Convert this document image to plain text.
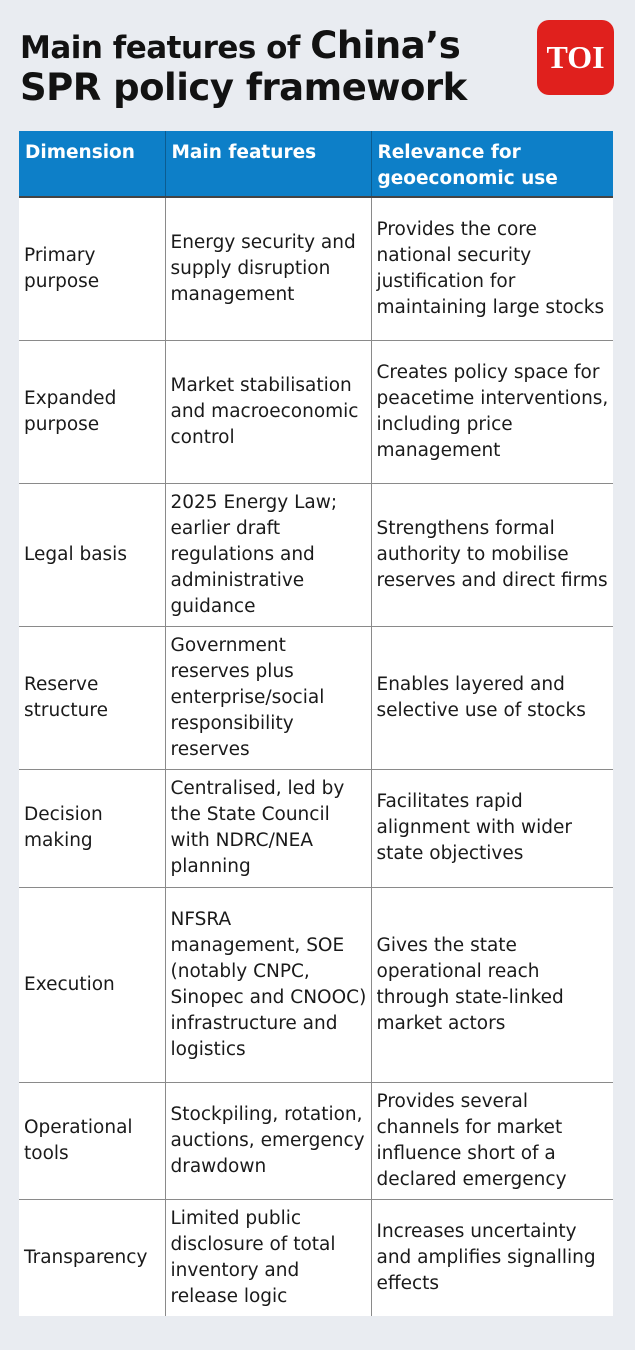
Main features of China’s
SPR policy framework
TOI
Dimension	Main features	Relevance for geoeconomic use
Primary purpose	Energy security and supply disruption management	Provides the core national security justification for maintaining large stocks
Expanded purpose	Market stabilisation and macroeconomic control	Creates policy space for peacetime interventions, including price management
Legal basis	2025 Energy Law; earlier draft regulations and administrative guidance	Strengthens formal authority to mobilise reserves and direct firms
Reserve structure	Government reserves plus enterprise/social responsibility reserves	Enables layered and selective use of stocks
Decision making	Centralised, led by the State Council with NDRC/NEA planning	Facilitates rapid alignment with wider state objectives
Execution	NFSRA management, SOE (notably CNPC, Sinopec and CNOOC) infrastructure and logistics	Gives the state operational reach through state-linked market actors
Operational tools	Stockpiling, rotation, auctions, emergency drawdown	Provides several channels for market influence short of a declared emergency
Transparency	Limited public disclosure of total inventory and release logic	Increases uncertainty and amplifies signalling effects
